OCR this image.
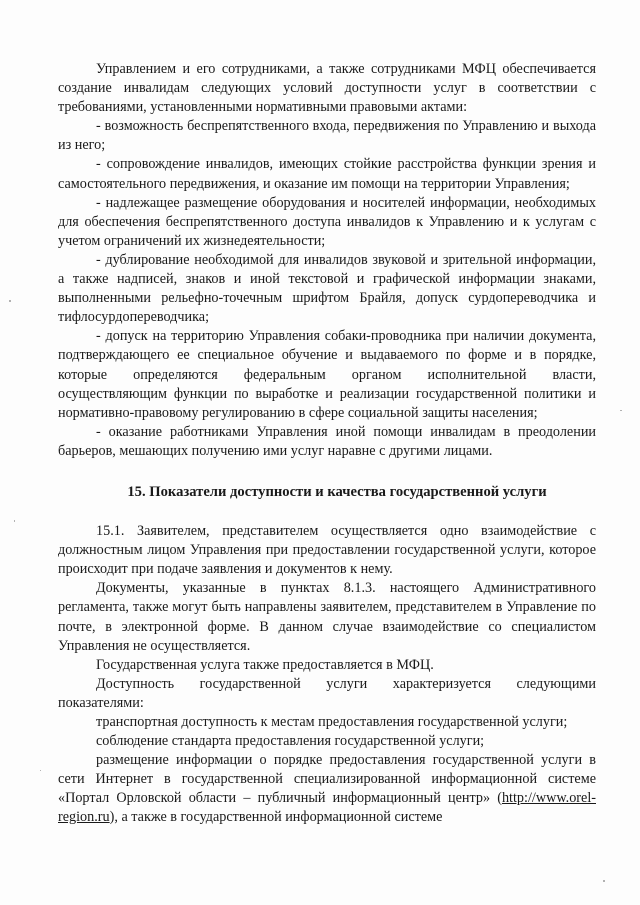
Управлением и его сотрудниками, а также сотрудниками МФЦ обеспечивается создание инвалидам следующих условий доступности услуг в соответствии с требованиями, установленными нормативными правовыми актами:

- возможность беспрепятственного входа, передвижения по Управлению и выхода из него;

- сопровождение инвалидов, имеющих стойкие расстройства функции зрения и самостоятельного передвижения, и оказание им помощи на территории Управления;

- надлежащее размещение оборудования и носителей информации, необходимых для обеспечения беспрепятственного доступа инвалидов к Управлению и к услугам с учетом ограничений их жизнедеятельности;

- дублирование необходимой для инвалидов звуковой и зрительной информации, а также надписей, знаков и иной текстовой и графической информации знаками, выполненными рельефно-точечным шрифтом Брайля, допуск сурдопереводчика и тифлосурдопереводчика;

- допуск на территорию Управления собаки-проводника при наличии документа, подтверждающего ее специальное обучение и выдаваемого по форме и в порядке, которые определяются федеральным органом исполнительной власти, осуществляющим функции по выработке и реализации государственной политики и нормативно-правовому регулированию в сфере социальной защиты населения;

- оказание работниками Управления иной помощи инвалидам в преодолении барьеров, мешающих получению ими услуг наравне с другими лицами.

15. Показатели доступности и качества государственной услуги

15.1. Заявителем, представителем осуществляется одно взаимодействие с должностным лицом Управления при предоставлении государственной услуги, которое происходит при подаче заявления и документов к нему.

Документы, указанные в пунктах 8.1.3. настоящего Административного регламента, также могут быть направлены заявителем, представителем в Управление по почте, в электронной форме. В данном случае взаимодействие со специалистом Управления не осуществляется.

Государственная услуга также предоставляется в МФЦ.

Доступность государственной услуги характеризуется следующими показателями:

транспортная доступность к местам предоставления государственной услуги;

соблюдение стандарта предоставления государственной услуги;

размещение информации о порядке предоставления государственной услуги в сети Интернет в государственной специализированной информационной системе «Портал Орловской области – публичный информационный центр» (http://www.orel-region.ru), а также в государственной информационной системе
